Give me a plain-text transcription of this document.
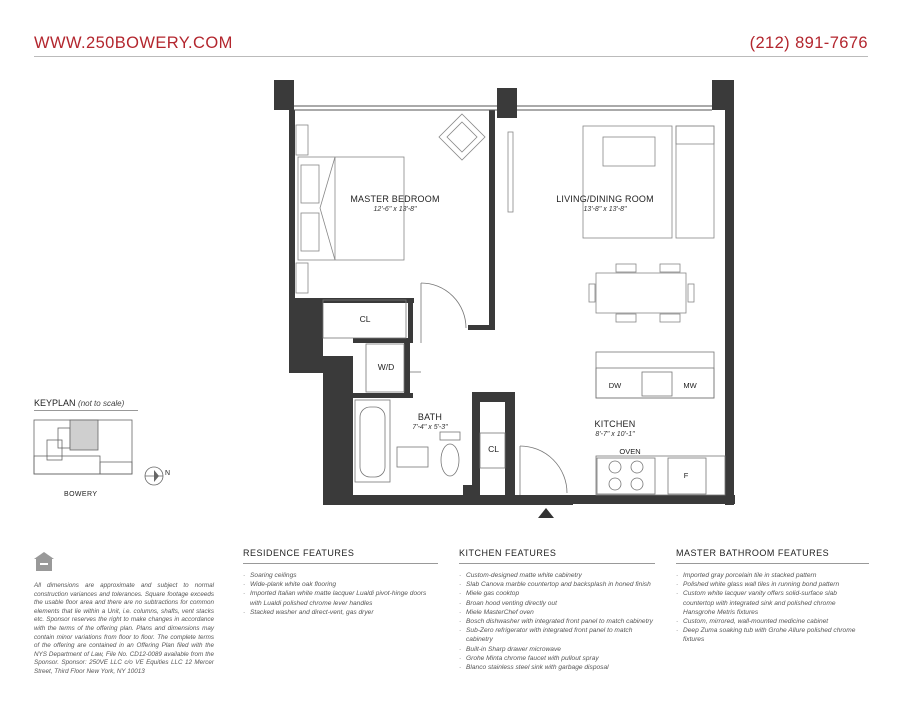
WWW.250BOWERY.COM	(212) 891-7676
MASTER BEDROOM
12'-6" x 13'-8"
LIVING/DINING ROOM
13'-8" x 13'-8"
BATH
7'-4" x 5'-3"	KITCHEN
8'-7" x 10'-1"
CL
W/D
CL
DW	MW
OVEN
F
KEYPLAN (not to scale)
BOWERY
N
All dimensions are approximate and subject to normal construction variances and tolerances. Square footage exceeds the usable floor area and there are no subtractions for common elements that lie within a Unit, i.e. columns, shafts, vent stacks etc. Sponsor reserves the right to make changes in accordance with the terms of the offering plan. Plans and dimensions may contain minor variations from floor to floor. The complete terms of the offering are contained in an Offering Plan filed with the NYS Department of Law, File No. CD12-0089 available from the Sponsor. Sponsor: 250VE LLC c/o VE Equities LLC 12 Mercer Street, Third Floor New York, NY 10013
RESIDENCE FEATURES
· Soaring ceilings
· Wide-plank white oak flooring
· Imported Italian white matte lacquer Lualdi pivot-hinge doors with Lualdi polished chrome lever handles
· Stacked washer and direct-vent, gas dryer
KITCHEN FEATURES
· Custom-designed matte white cabinetry
· Slab Canova marble countertop and backsplash in honed finish
· Miele gas cooktop
· Broan hood venting directly out
· Miele MasterChef oven
· Bosch dishwasher with integrated front panel to match cabinetry
· Sub-Zero refrigerator with integrated front panel to match cabinetry
· Built-in Sharp drawer microwave
· Grohe Minta chrome faucet with pullout spray
· Blanco stainless steel sink with garbage disposal
MASTER BATHROOM FEATURES
· Imported gray porcelain tile in stacked pattern
· Polished white glass wall tiles in running bond pattern
· Custom white lacquer vanity offers solid-surface slab countertop with integrated sink and polished chrome Hansgrohe Metris fixtures
· Custom, mirrored, wall-mounted medicine cabinet
· Deep Zuma soaking tub with Grohe Allure polished chrome fixtures
